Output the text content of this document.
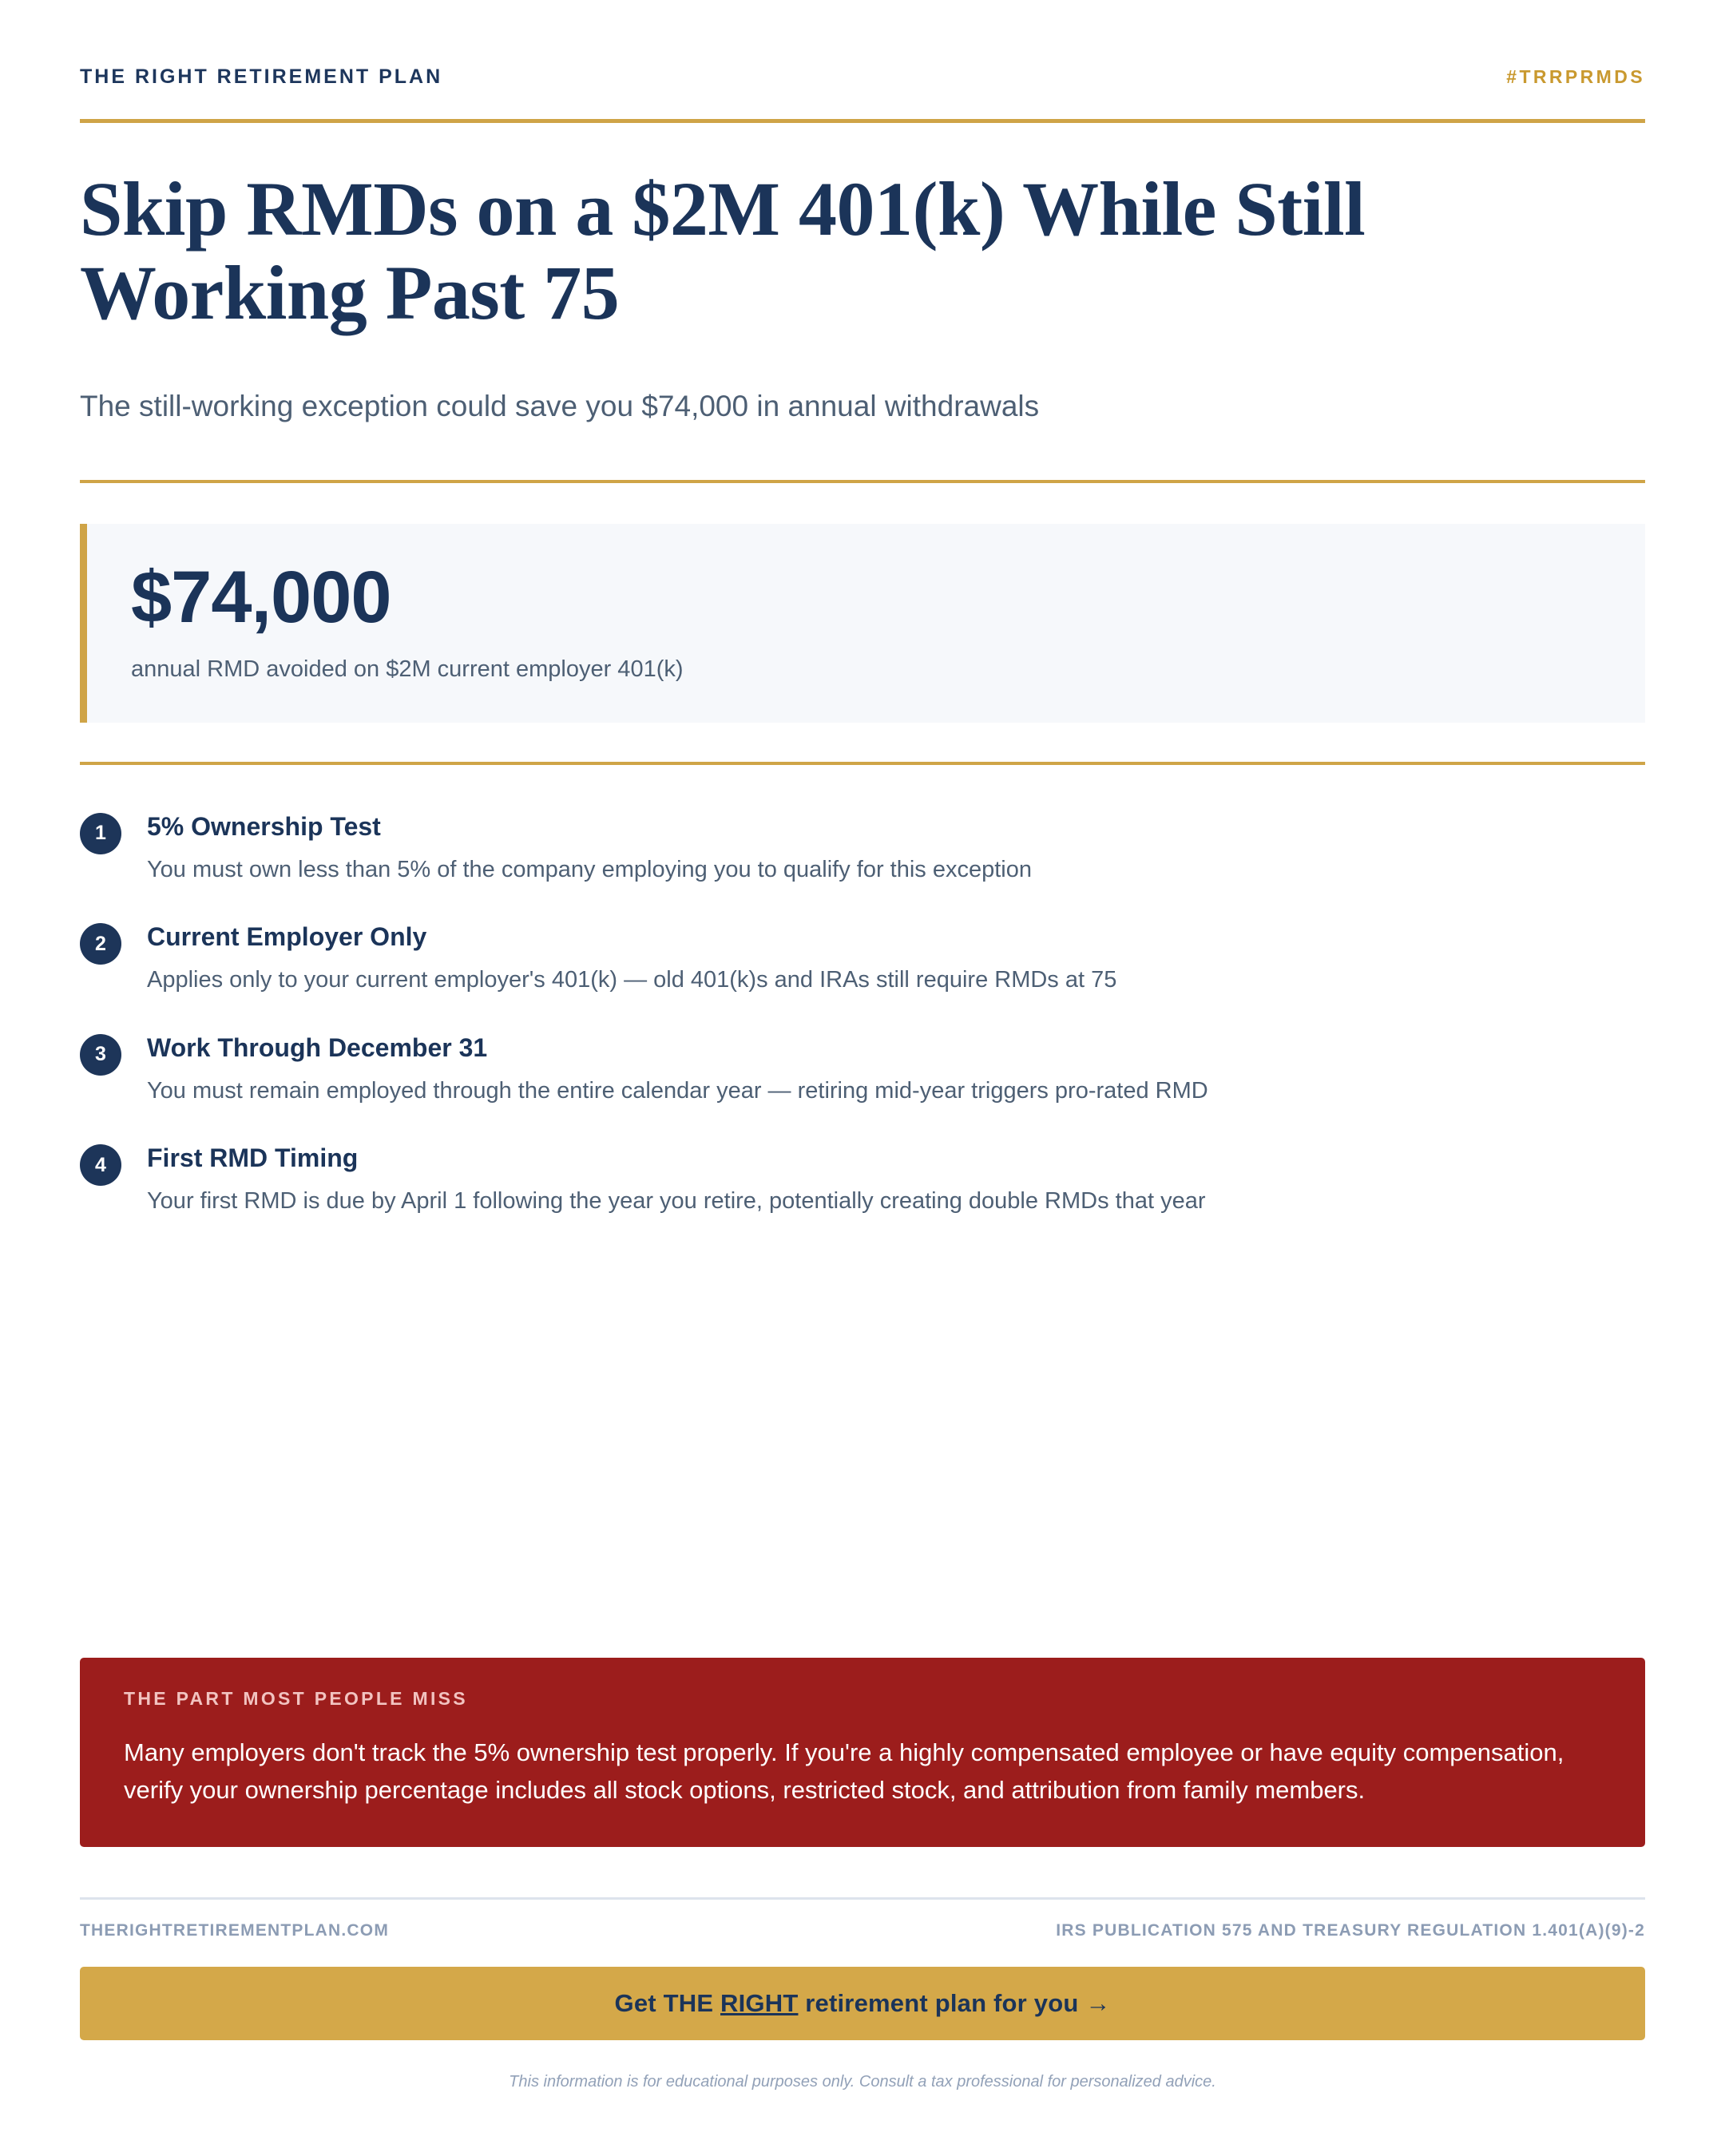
THE RIGHT RETIREMENT PLAN	#TRRPRMDS
Skip RMDs on a $2M 401(k) While Still Working Past 75
The still-working exception could save you $74,000 in annual withdrawals
$74,000
annual RMD avoided on $2M current employer 401(k)
1	5% Ownership Test
You must own less than 5% of the company employing you to qualify for this exception
2	Current Employer Only
Applies only to your current employer's 401(k) — old 401(k)s and IRAs still require RMDs at 75
3	Work Through December 31
You must remain employed through the entire calendar year — retiring mid-year triggers pro-rated RMD
4	First RMD Timing
Your first RMD is due by April 1 following the year you retire, potentially creating double RMDs that year
THE PART MOST PEOPLE MISS
Many employers don't track the 5% ownership test properly. If you're a highly compensated employee or have equity compensation, verify your ownership percentage includes all stock options, restricted stock, and attribution from family members.
THERIGHTRETIREMENTPLAN.COM	IRS PUBLICATION 575 AND TREASURY REGULATION 1.401(A)(9)-2
Get THE RIGHT retirement plan for you →
This information is for educational purposes only. Consult a tax professional for personalized advice.
